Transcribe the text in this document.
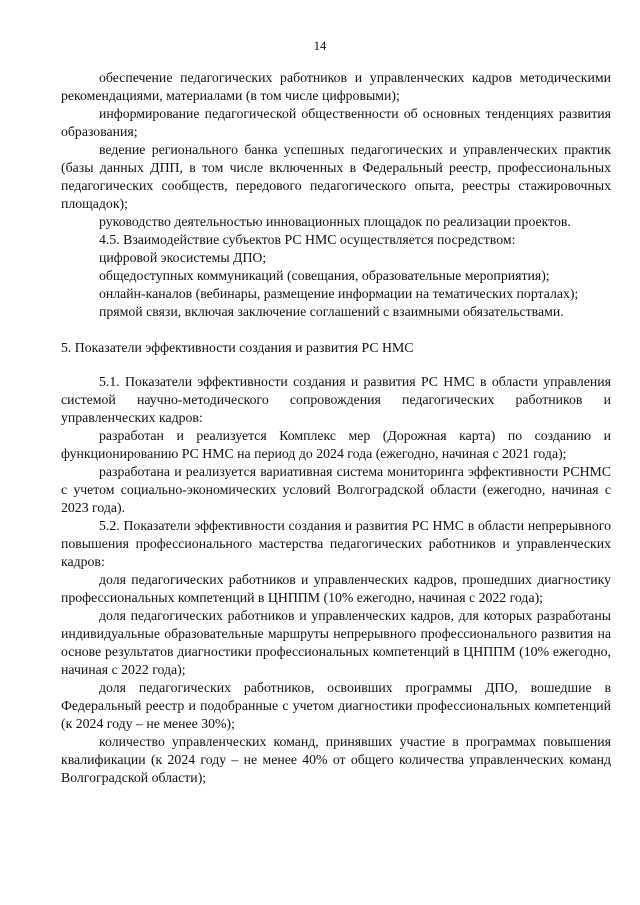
14

обеспечение педагогических работников и управленческих кадров методическими рекомендациями, материалами (в том числе цифровыми);

информирование педагогической общественности об основных тенденциях развития образования;

ведение регионального банка успешных педагогических и управленческих практик (базы данных ДПП, в том числе включенных в Федеральный реестр, профессиональных педагогических сообществ, передового педагогического опыта, реестры стажировочных площадок);

руководство деятельностью инновационных площадок по реализации проектов.

4.5. Взаимодействие субъектов РС НМС осуществляется посредством:

цифровой экосистемы ДПО;

общедоступных коммуникаций (совещания, образовательные мероприятия);

онлайн-каналов (вебинары, размещение информации на тематических порталах);

прямой связи, включая заключение соглашений с взаимными обязательствами.

5. Показатели эффективности создания и развития РС НМС

5.1. Показатели эффективности создания и развития РС НМС в области управления системой научно-методического сопровождения педагогических работников и управленческих кадров:

разработан и реализуется Комплекс мер (Дорожная карта) по созданию и функционированию РС НМС на период до 2024 года (ежегодно, начиная с 2021 года);

разработана и реализуется вариативная система мониторинга эффективности РСНМС с учетом социально-экономических условий Волгоградской области (ежегодно, начиная с 2023 года).

5.2. Показатели эффективности создания и развития РС НМС в области непрерывного повышения профессионального мастерства педагогических работников и управленческих кадров:

доля педагогических работников и управленческих кадров, прошедших диагностику профессиональных компетенций в ЦНППМ (10% ежегодно, начиная с 2022 года);

доля педагогических работников и управленческих кадров, для которых разработаны индивидуальные образовательные маршруты непрерывного профессионального развития на основе результатов диагностики профессиональных компетенций в ЦНППМ (10% ежегодно, начиная с 2022 года);

доля педагогических работников, освоивших программы ДПО, вошедшие в Федеральный реестр и подобранные с учетом диагностики профессиональных компетенций (к 2024 году – не менее 30%);

количество управленческих команд, принявших участие в программах повышения квалификации (к 2024 году – не менее 40% от общего количества управленческих команд Волгоградской области);
